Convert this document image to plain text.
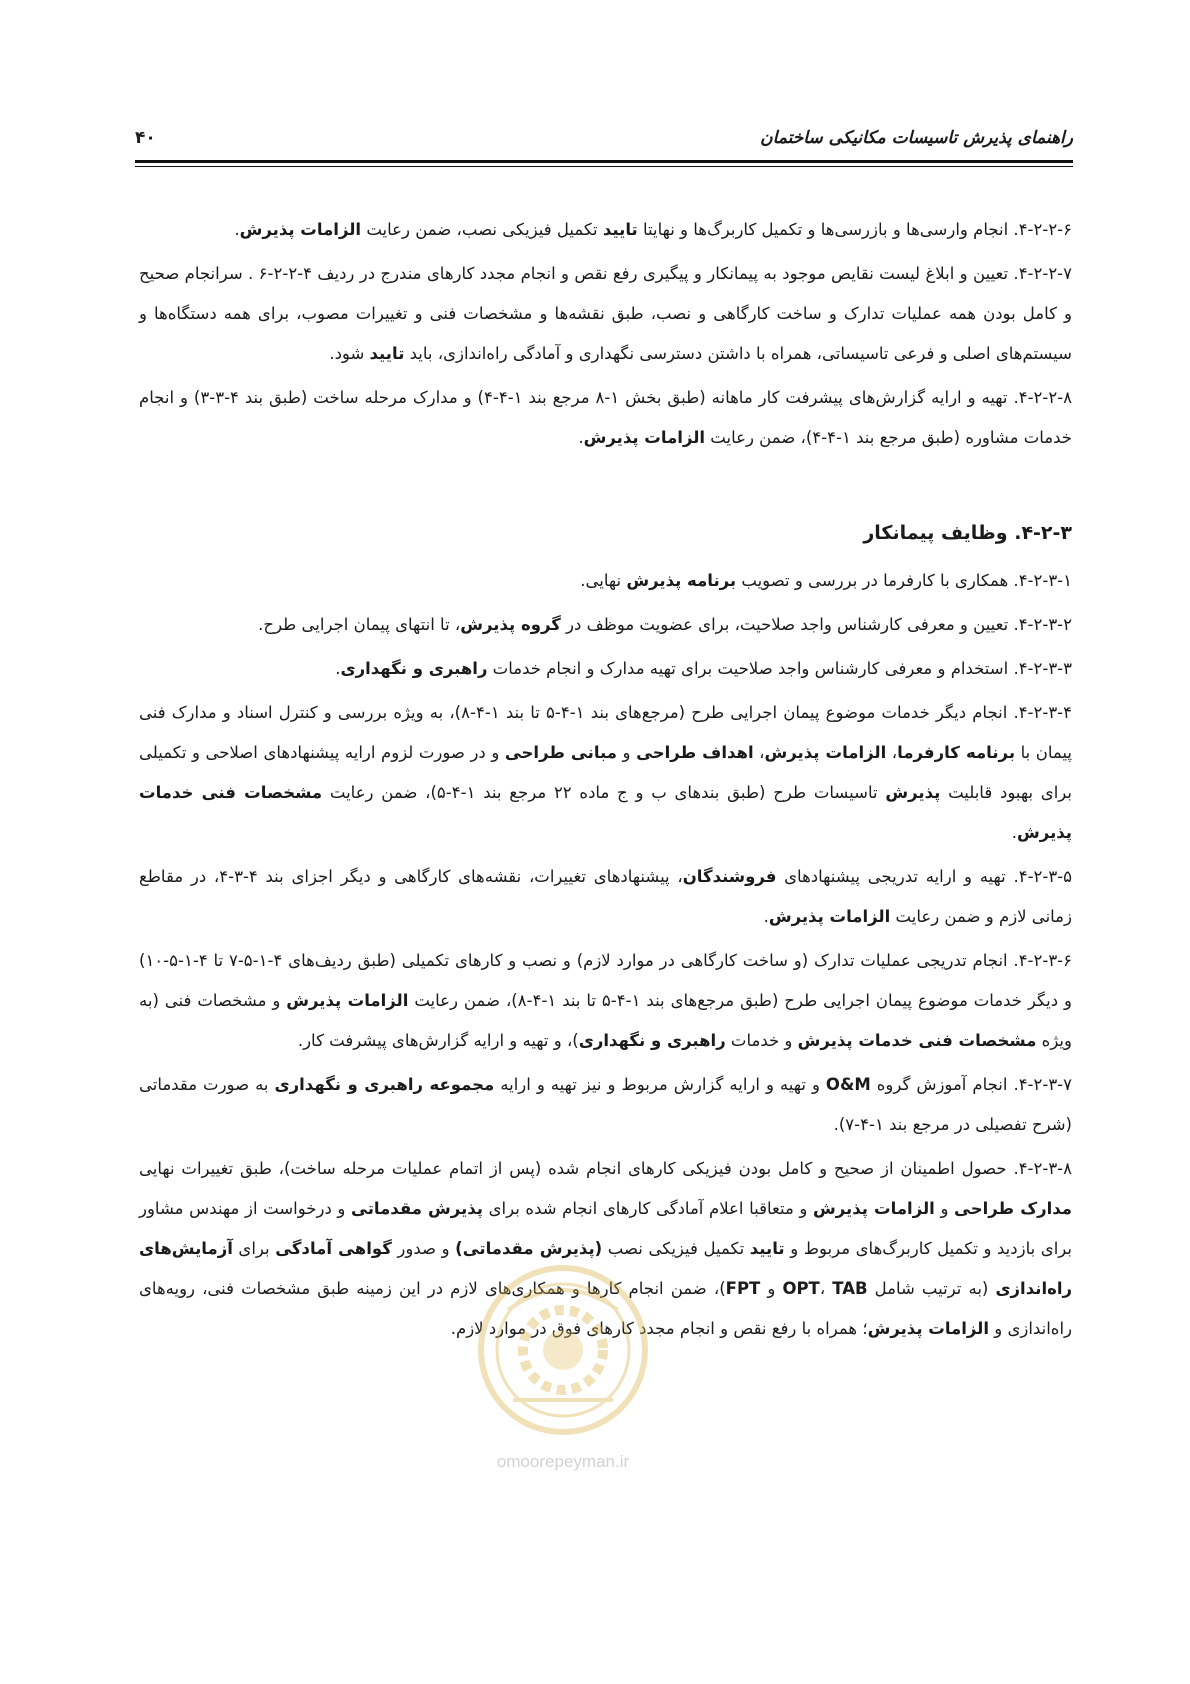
۴۰	راهنمای پذیرش تاسیسات مکانیکی ساختمان

۴-۲-۲-۶. انجام وارسی‌ها و بازرسی‌ها و تکمیل کاربرگ‌ها و نهایتا تایید تکمیل فیزیکی نصب، ضمن رعایت الزامات پذیرش.

۴-۲-۲-۷. تعیین و ابلاغ لیست نقایص موجود به پیمانکار و پیگیری رفع نقص و انجام مجدد کارهای مندرج در ردیف ۴-۲-۲-۶ . سرانجام صحیح و کامل بودن همه عملیات تدارک و ساخت کارگاهی و نصب، طبق نقشه‌ها و مشخصات فنی و تغییرات مصوب، برای همه دستگاه‌ها و سیستم‌های اصلی و فرعی تاسیساتی، همراه با داشتن دسترسی نگهداری و آمادگی راه‌اندازی، باید تایید شود.

۴-۲-۲-۸. تهیه و ارایه گزارش‌های پیشرفت کار ماهانه (طبق بخش ۱-۸ مرجع بند ۱-۴-۴) و مدارک مرحله ساخت (طبق بند ۴-۳-۳) و انجام خدمات مشاوره (طبق مرجع بند ۱-۴-۴)، ضمن رعایت الزامات پذیرش.

۴-۲-۳. وظایف پیمانکار

۴-۲-۳-۱. همکاری با کارفرما در بررسی و تصویب برنامه پذیرش نهایی.

۴-۲-۳-۲. تعیین و معرفی کارشناس واجد صلاحیت، برای عضویت موظف در گروه پذیرش، تا انتهای پیمان اجرایی طرح.

۴-۲-۳-۳. استخدام و معرفی کارشناس واجد صلاحیت برای تهیه مدارک و انجام خدمات راهبری و نگهداری.

۴-۲-۳-۴. انجام دیگر خدمات موضوع پیمان اجرایی طرح (مرجع‌های بند ۱-۴-۵ تا بند ۱-۴-۸)، به ویژه بررسی و کنترل اسناد و مدارک فنی پیمان با برنامه کارفرما، الزامات پذیرش، اهداف طراحی و مبانی طراحی و در صورت لزوم ارایه پیشنهادهای اصلاحی و تکمیلی برای بهبود قابلیت پذیرش تاسیسات طرح (طبق بندهای ب و ج ماده ۲۲ مرجع بند ۱-۴-۵)، ضمن رعایت مشخصات فنی خدمات پذیرش.

۴-۲-۳-۵. تهیه و ارایه تدریجی پیشنهادهای فروشندگان، پیشنهادهای تغییرات، نقشه‌های کارگاهی و دیگر اجزای بند ۴-۳-۴، در مقاطع زمانی لازم و ضمن رعایت الزامات پذیرش.

۴-۲-۳-۶. انجام تدریجی عملیات تدارک (و ساخت کارگاهی در موارد لازم) و نصب و کارهای تکمیلی (طبق ردیف‌های ۴-۱-۵-۷ تا ۴-۱-۵-۱۰) و دیگر خدمات موضوع پیمان اجرایی طرح (طبق مرجع‌های بند ۱-۴-۵ تا بند ۱-۴-۸)، ضمن رعایت الزامات پذیرش و مشخصات فنی (به ویژه مشخصات فنی خدمات پذیرش و خدمات راهبری و نگهداری)، و تهیه و ارایه گزارش‌های پیشرفت کار.

۴-۲-۳-۷. انجام آموزش گروه O&M و تهیه و ارایه گزارش مربوط و نیز تهیه و ارایه مجموعه راهبری و نگهداری به صورت مقدماتی (شرح تفصیلی در مرجع بند ۱-۴-۷).

۴-۲-۳-۸. حصول اطمینان از صحیح و کامل بودن فیزیکی کارهای انجام شده (پس از اتمام عملیات مرحله ساخت)، طبق تغییرات نهایی مدارک طراحی و الزامات پذیرش و متعاقبا اعلام آمادگی کارهای انجام شده برای پذیرش مقدماتی و درخواست از مهندس مشاور برای بازدید و تکمیل کاربرگ‌های مربوط و تایید تکمیل فیزیکی نصب (پذیرش مقدماتی) و صدور گواهی آمادگی برای آزمایش‌های راه‌اندازی (به ترتیب شامل OPT، TAB و FPT)، ضمن انجام کارها و همکاری‌های لازم در این زمینه طبق مشخصات فنی، رویه‌های راه‌اندازی و الزامات پذیرش؛ همراه با رفع نقص و انجام مجدد کارهای فوق در موارد لازم.

omoorepeyman.ir
